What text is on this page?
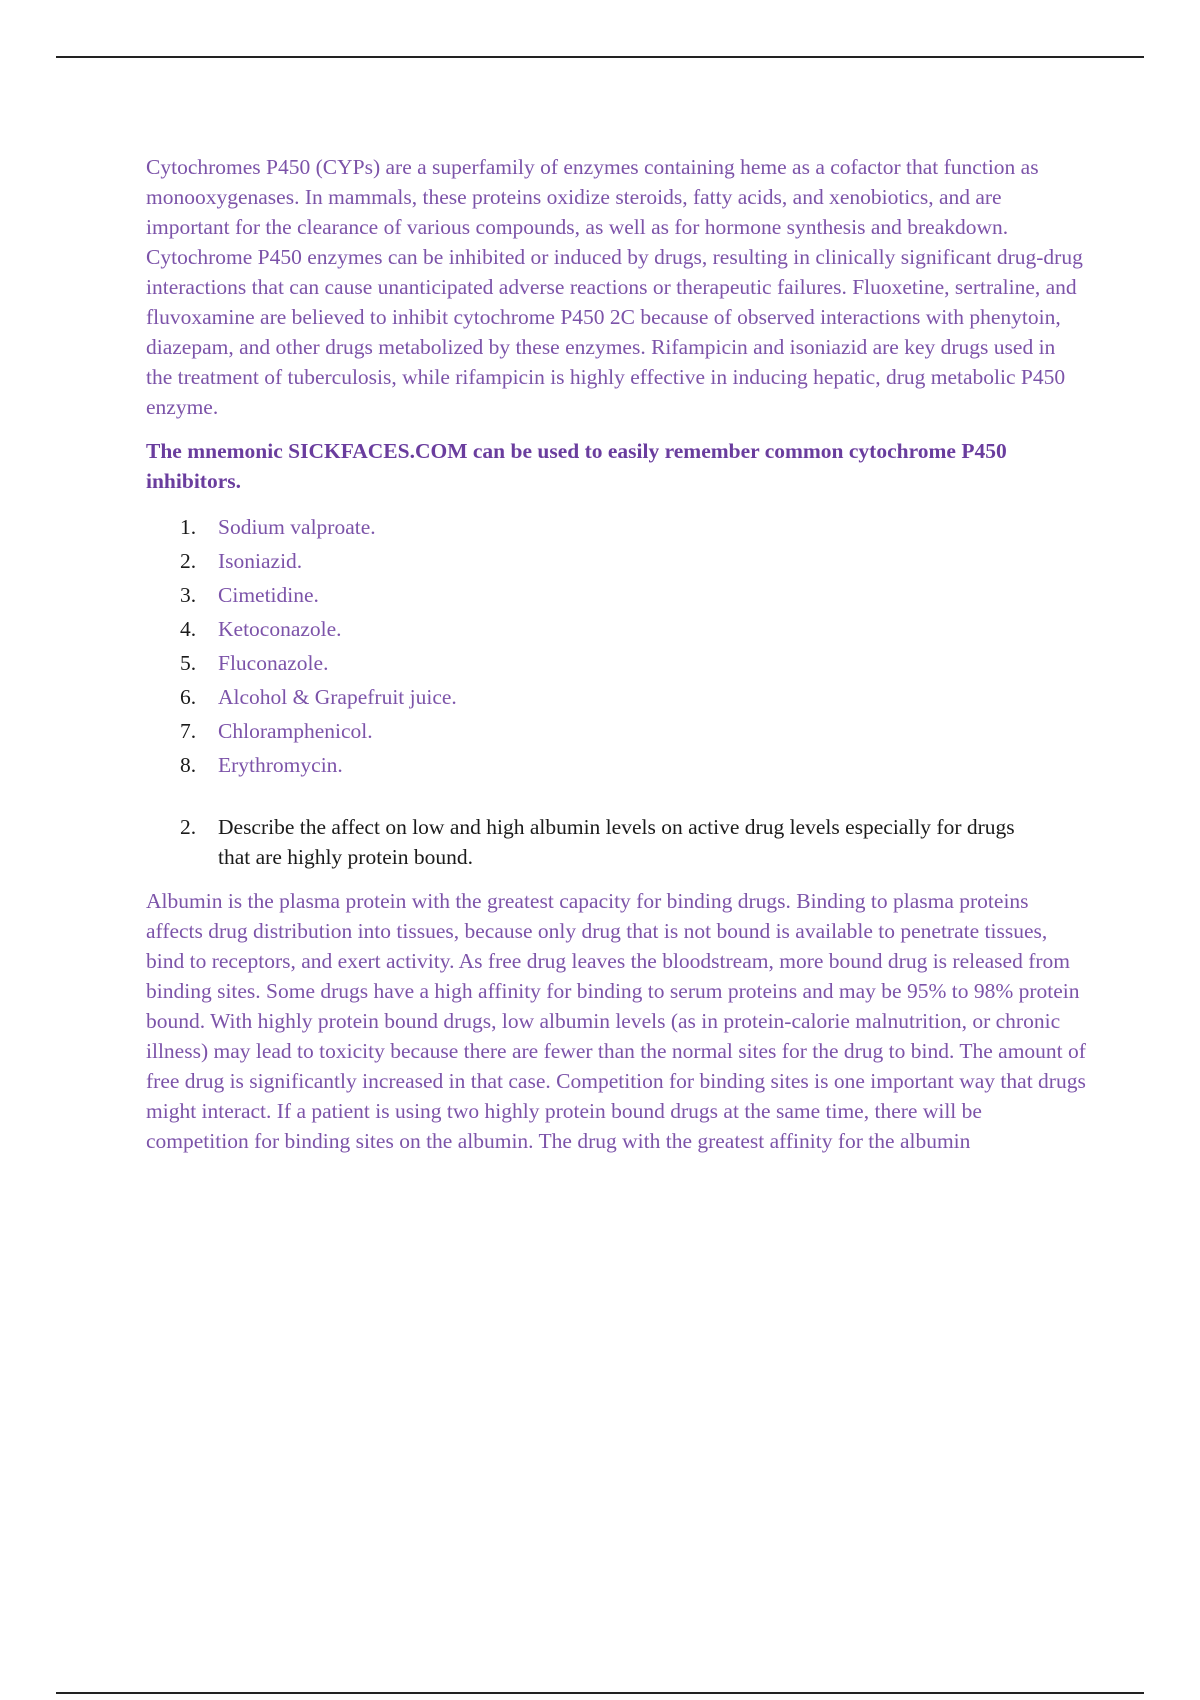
Cytochromes P450 (CYPs) are a superfamily of enzymes containing heme as a cofactor that function as monooxygenases. In mammals, these proteins oxidize steroids, fatty acids, and xenobiotics, and are important for the clearance of various compounds, as well as for hormone synthesis and breakdown. Cytochrome P450 enzymes can be inhibited or induced by drugs, resulting in clinically significant drug-drug interactions that can cause unanticipated adverse reactions or therapeutic failures. Fluoxetine, sertraline, and fluvoxamine are believed to inhibit cytochrome P450 2C because of observed interactions with phenytoin, diazepam, and other drugs metabolized by these enzymes. Rifampicin and isoniazid are key drugs used in the treatment of tuberculosis, while rifampicin is highly effective in inducing hepatic, drug metabolic P450 enzyme.

The mnemonic SICKFACES.COM can be used to easily remember common cytochrome P450 inhibitors.

1.	Sodium valproate.
2.	Isoniazid.
3.	Cimetidine.
4.	Ketoconazole.
5.	Fluconazole.
6.	Alcohol & Grapefruit juice.
7.	Chloramphenicol.
8.	Erythromycin.
2.	Describe the affect on low and high albumin levels on active drug levels especially for drugs that are highly protein bound.

Albumin is the plasma protein with the greatest capacity for binding drugs. Binding to plasma proteins affects drug distribution into tissues, because only drug that is not bound is available to penetrate tissues, bind to receptors, and exert activity. As free drug leaves the bloodstream, more bound drug is released from binding sites. Some drugs have a high affinity for binding to serum proteins and may be 95% to 98% protein bound. With highly protein bound drugs, low albumin levels (as in protein-calorie malnutrition, or chronic illness) may lead to toxicity because there are fewer than the normal sites for the drug to bind. The amount of free drug is significantly increased in that case. Competition for binding sites is one important way that drugs might interact. If a patient is using two highly protein bound drugs at the same time, there will be competition for binding sites on the albumin. The drug with the greatest affinity for the albumin
